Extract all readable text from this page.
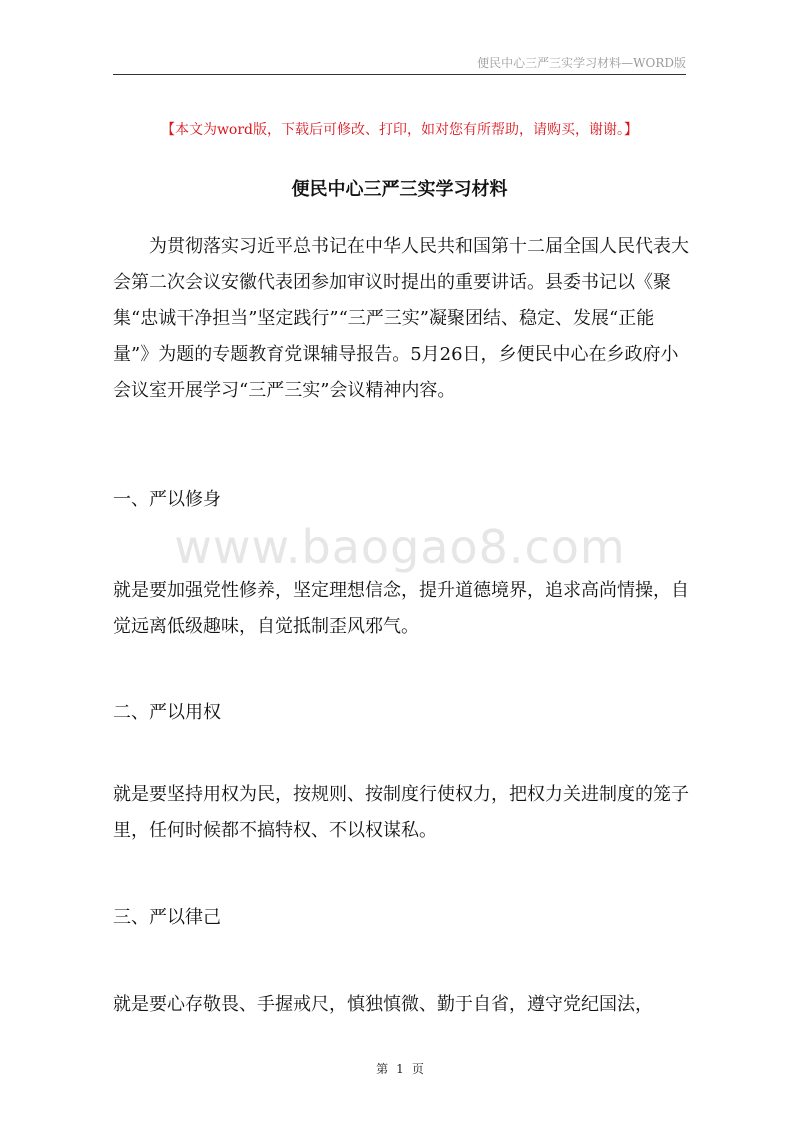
便民中心三严三实学习材料—WORD版
【本文为word版，下载后可修改、打印，如对您有所帮助，请购买，谢谢。】
便民中心三严三实学习材料

为贯彻落实习近平总书记在中华人民共和国第十二届全国人民代表大会第二次会议安徽代表团参加审议时提出的重要讲话。县委书记以《聚集“忠诚干净担当”坚定践行”“三严三实”凝聚团结、稳定、发展“正能量”》为题的专题教育党课辅导报告。5月26日，乡便民中心在乡政府小会议室开展学习“三严三实”会议精神内容。

www.baogao8.com

一、严以修身

就是要加强党性修养，坚定理想信念，提升道德境界，追求高尚情操，自觉远离低级趣味，自觉抵制歪风邪气。

二、严以用权

就是要坚持用权为民，按规则、按制度行使权力，把权力关进制度的笼子里，任何时候都不搞特权、不以权谋私。

三、严以律己

就是要心存敬畏、手握戒尺，慎独慎微、勤于自省，遵守党纪国法，

第 1 页
